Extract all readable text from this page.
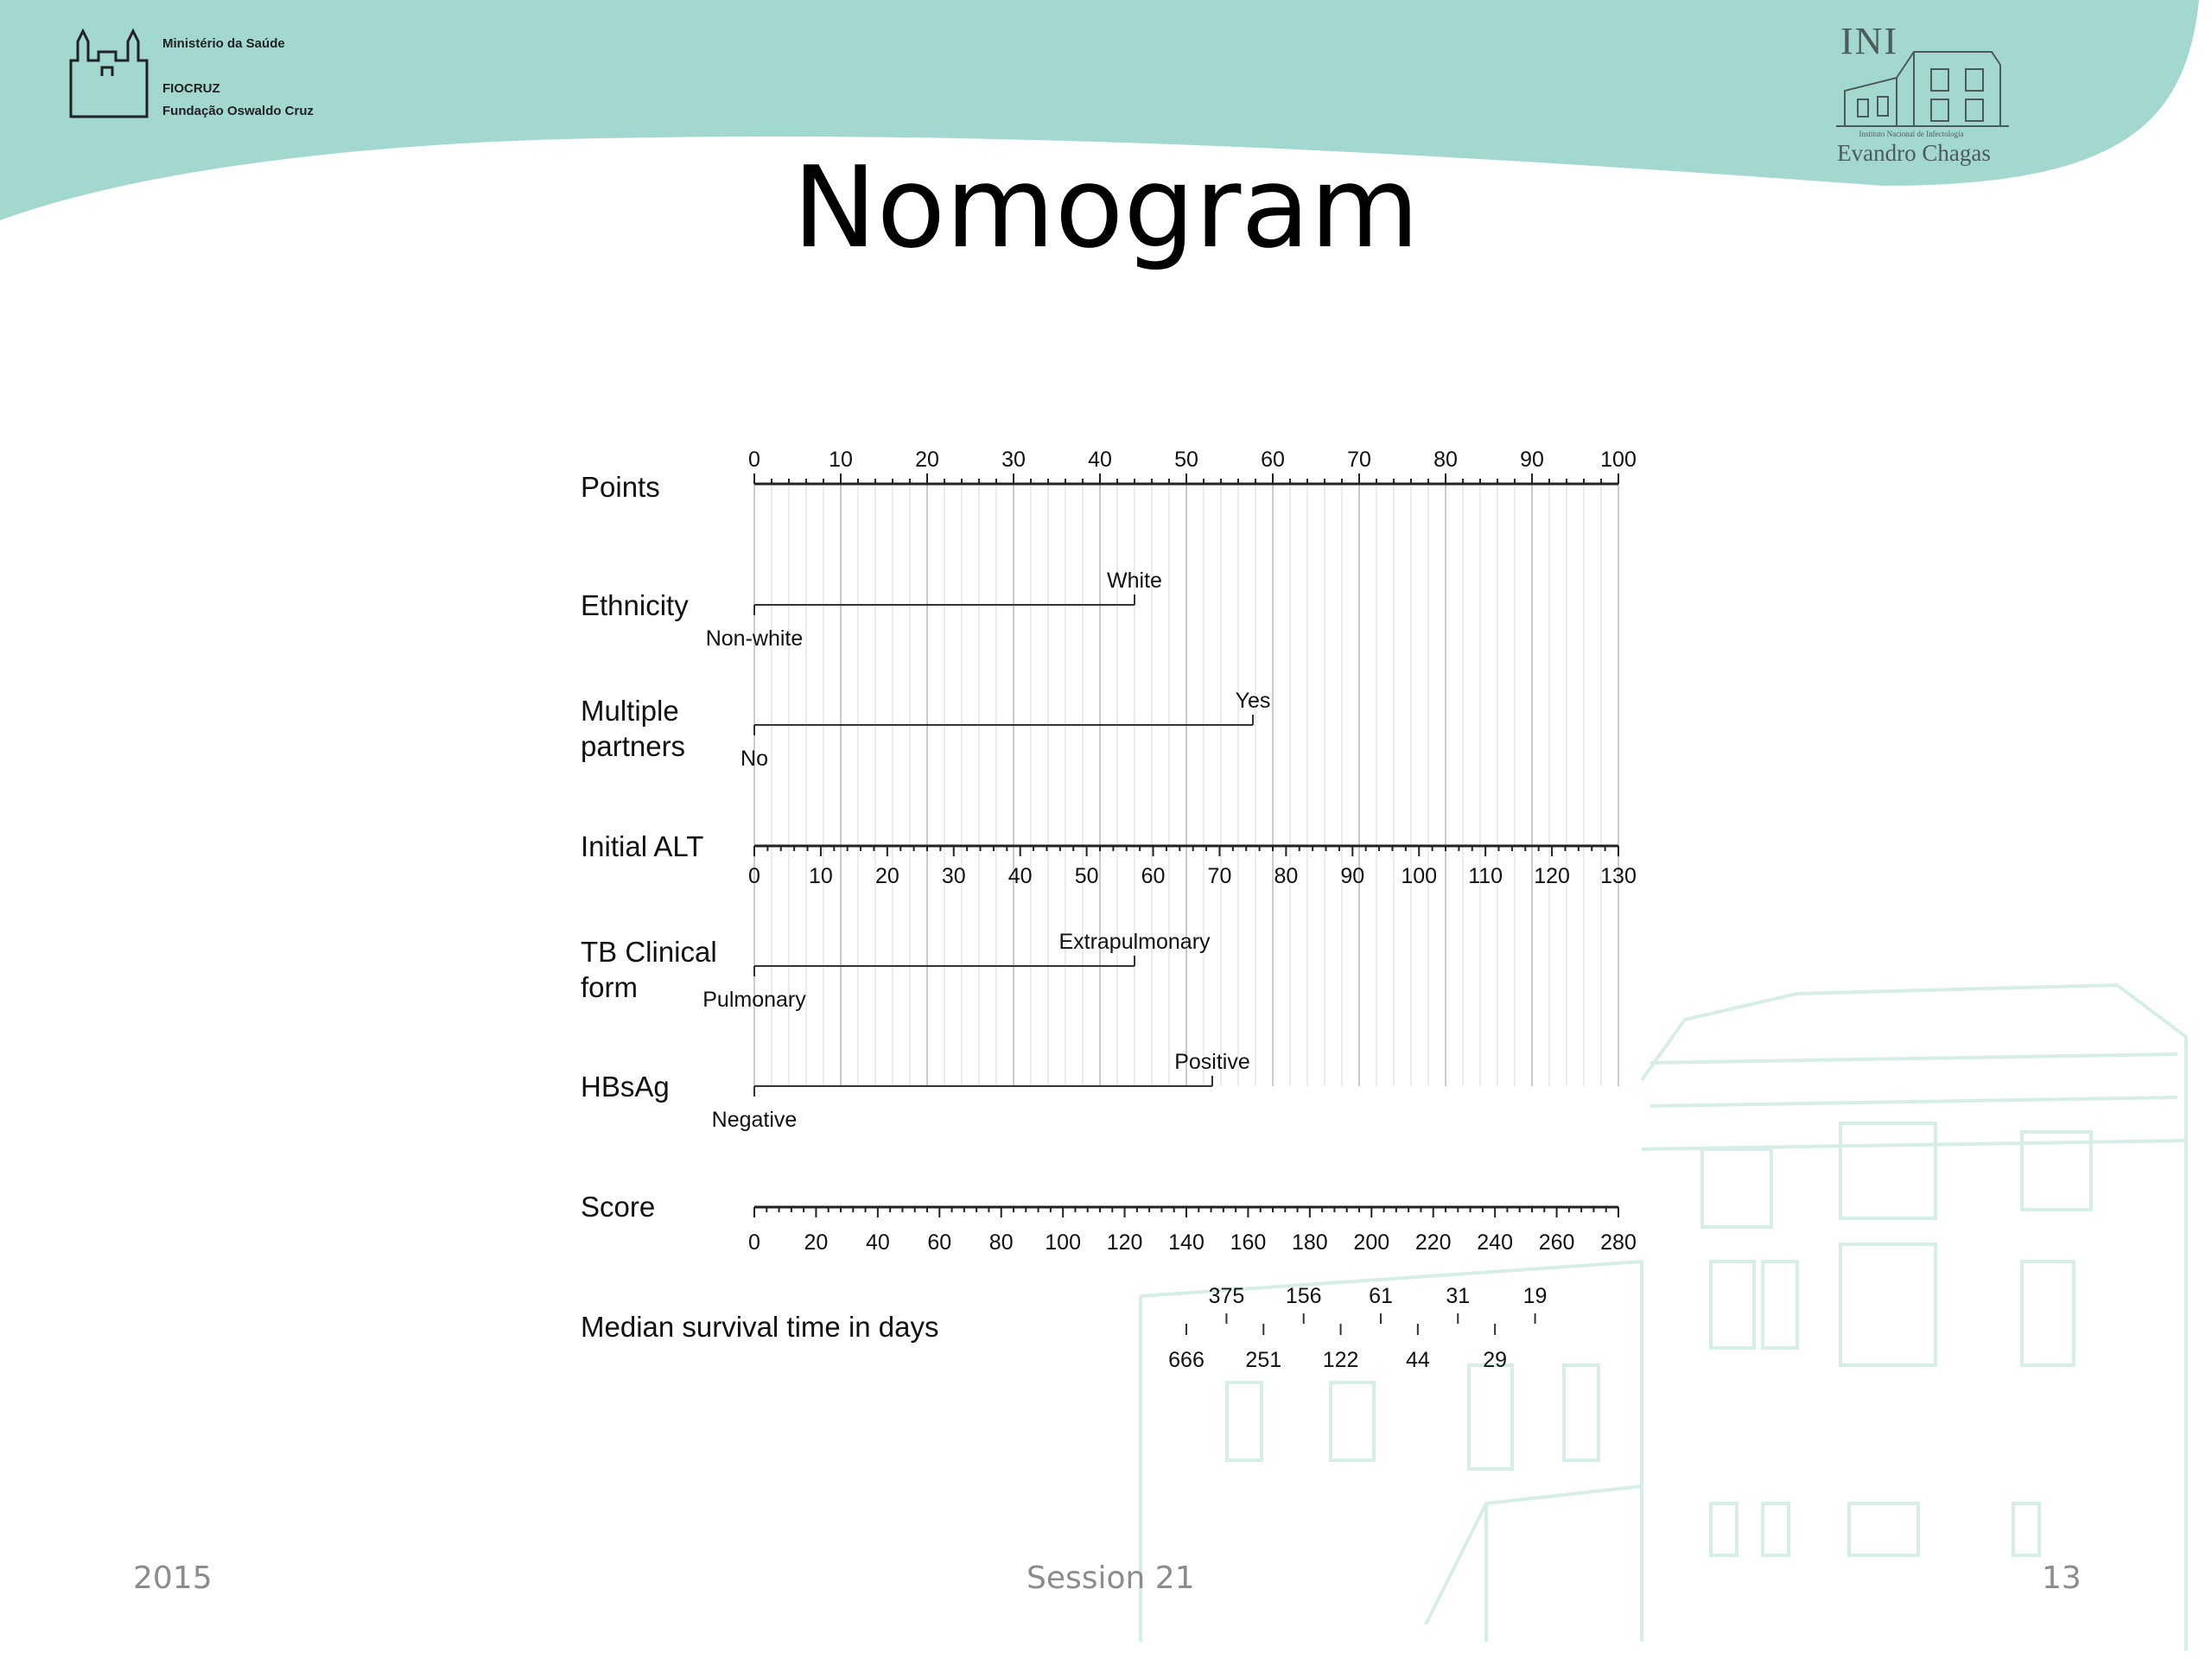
Ministério da Saúde
FIOCRUZ
Fundação Oswaldo Cruz
INI
Instituto Nacional de Infectologia
Evandro Chagas
Nomogram
Points
0	10	20	30	40	50	60	70	80	90	100
Ethnicity
Non-white
White
Multiple
partners	No
Yes
Initial ALT
0 10 20 30 40 50 60 70 80 90 100 110 120 130
TB Clinical
form	Pulmonary
Extrapulmonary
HBsAg
Negative
Positive
Score
0 20 40 60 80 100 120 140 160 180 200 220 240 260 280
Median survival time in days
375 156 61 31 19
666 251 122 44 29
2015	Session 21	13
